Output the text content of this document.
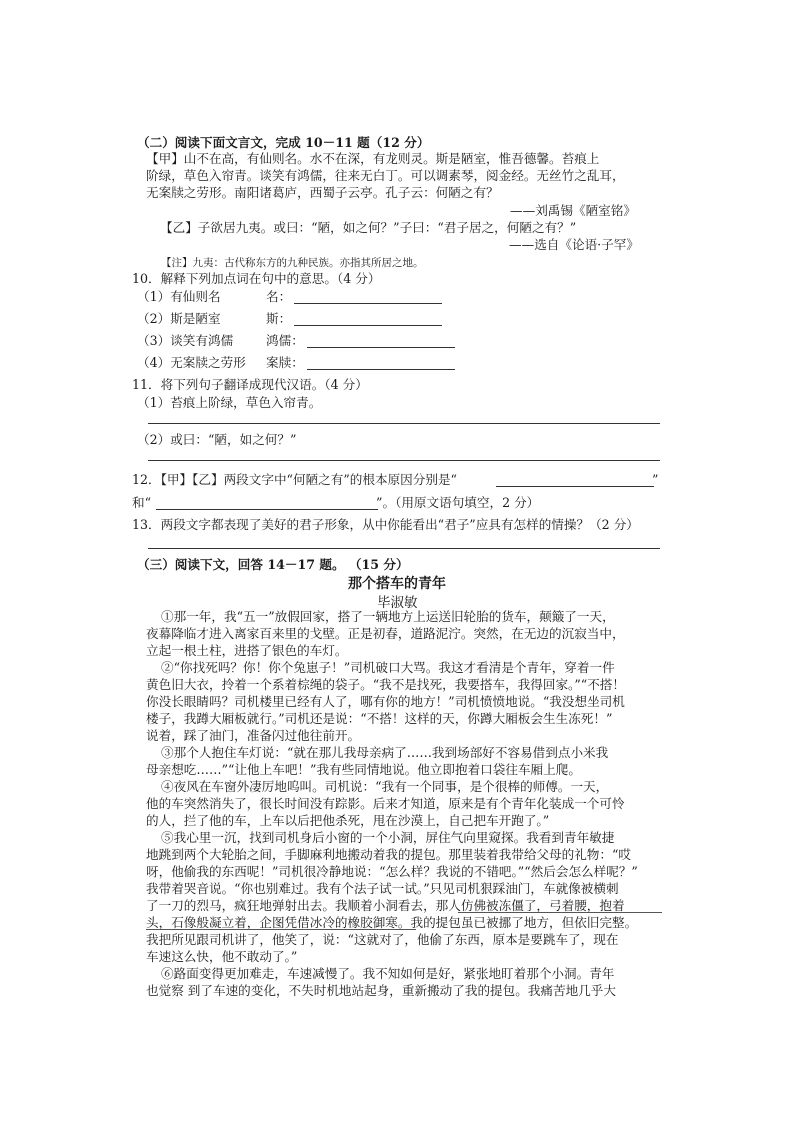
（二）阅读下面文言文，完成 10－11 题（12 分）
【甲】山不在高，有仙则名。水不在深，有龙则灵。斯是陋室，惟吾德馨。苔痕上
阶绿，草色入帘青。谈笑有鸿儒，往来无白丁。可以调素琴，阅金经。无丝竹之乱耳，
无案牍之劳形。南阳诸葛庐，西蜀子云亭。孔子云：何陋之有？
——刘禹锡《陋室铭》
【乙】子欲居九夷。或曰：“陋，如之何？”子曰：“君子居之，何陋之有？”
——选自《论语·子罕》
【注】九夷：古代称东方的九种民族。亦指其所居之地。
10．解释下列加点词在句中的意思。（4 分）
（1）有仙则名	名：
（2）斯是陋室	斯：
（3）谈笑有鸿儒	鸿儒：
（4）无案牍之劳形 案牍：
11．将下列句子翻译成现代汉语。（4 分）
（1）苔痕上阶绿，草色入帘青。
（2）或曰：“陋，如之何？”
12．【甲】【乙】两段文字中“何陋之有”的根本原因分别是“	”
和“	”。（用原文语句填空，2 分）
13．两段文字都表现了美好的君子形象，从中你能看出“君子”应具有怎样的情操？（2 分）
（三）阅读下文，回答 14－17 题。 （15 分）
那个搭车的青年
毕淑敏
①那一年，我“五一”放假回家，搭了一辆地方上运送旧轮胎的货车，颠簸了一天，
夜幕降临才进入离家百来里的戈壁。正是初春，道路泥泞。突然，在无边的沉寂当中，
立起一根土柱，进搭了银色的车灯。
②“你找死吗？你！你个兔崽子！”司机破口大骂。我这才看清是个青年，穿着一件
黄色旧大衣，拎着一个系着棕绳的袋子。“我不是找死，我要搭车，我得回家。”“不搭！
你没长眼睛吗？司机楼里已经有人了，哪有你的地方！”司机愤愤地说。“我没想坐司机
楼子，我蹲大厢板就行。”司机还是说：“不搭！这样的天，你蹲大厢板会生生冻死！”
说着，踩了油门，准备闪过他往前开。
③那个人抱住车灯说：“就在那儿我母亲病了……我到场部好不容易借到点小米我
母亲想吃……”“让他上车吧！”我有些同情地说。他立即抱着口袋往车厢上爬。
④夜风在车窗外凄厉地呜叫。司机说：“我有一个同事，是个很棒的师傅。一天，
他的车突然消失了，很长时间没有踪影。后来才知道，原来是有个青年化装成一个可怜
的人，拦了他的车，上车以后把他杀死，甩在沙漠上，自己把车开跑了。”
⑤我心里一沉，找到司机身后小窗的一个小洞，屏住气向里窥探。我看到青年敏捷
地跳到两个大轮胎之间，手脚麻利地搬动着我的提包。那里装着我带给父母的礼物：“哎
呀，他偷我的东西呢！”司机很冷静地说：“怎么样？我说的不错吧。”“然后会怎么样呢？”
我带着哭音说。“你也别难过。我有个法子试一试。”只见司机狠踩油门，车就像被横刺
了一刀的烈马，疯狂地弹射出去。我顺着小洞看去，那人仿佛被冻僵了，弓着腰，抱着
头，石像般凝立着，企图凭借冰冷的橡胶御寒。我的提包虽已被挪了地方，但依旧完整。
我把所见跟司机讲了，他笑了，说：“这就对了，他偷了东西，原本是要跳车了，现在
车速这么快，他不敢动了。”
⑥路面变得更加难走，车速减慢了。我不知如何是好，紧张地盯着那个小洞。青年
也觉察 到了车速的变化，不失时机地站起身，重新搬动了我的提包。我痛苦地几乎大
